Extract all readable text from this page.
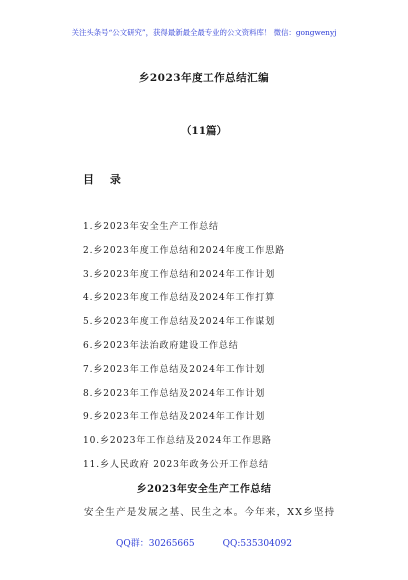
关注头条号“公文研究”，获得最新最全最专业的公文资料库！ 微信：gongwenyj
乡2023年度工作总结汇编
（11篇）
目 录
1.乡2023年安全生产工作总结
2.乡2023年度工作总结和2024年度工作思路
3.乡2023年度工作总结和2024年工作计划
4.乡2023年度工作总结及2024年工作打算
5.乡2023年度工作总结及2024年工作谋划
6.乡2023年法治政府建设工作总结
7.乡2023年工作总结及2024年工作计划
8.乡2023年工作总结及2024年工作计划
9.乡2023年工作总结及2024年工作计划
10.乡2023年工作总结及2024年工作思路
11.乡人民政府 2023年政务公开工作总结
乡2023年安全生产工作总结
安全生产是发展之基、民生之本。今年来，XX乡坚持
QQ群：30265665	QQ:535304092
